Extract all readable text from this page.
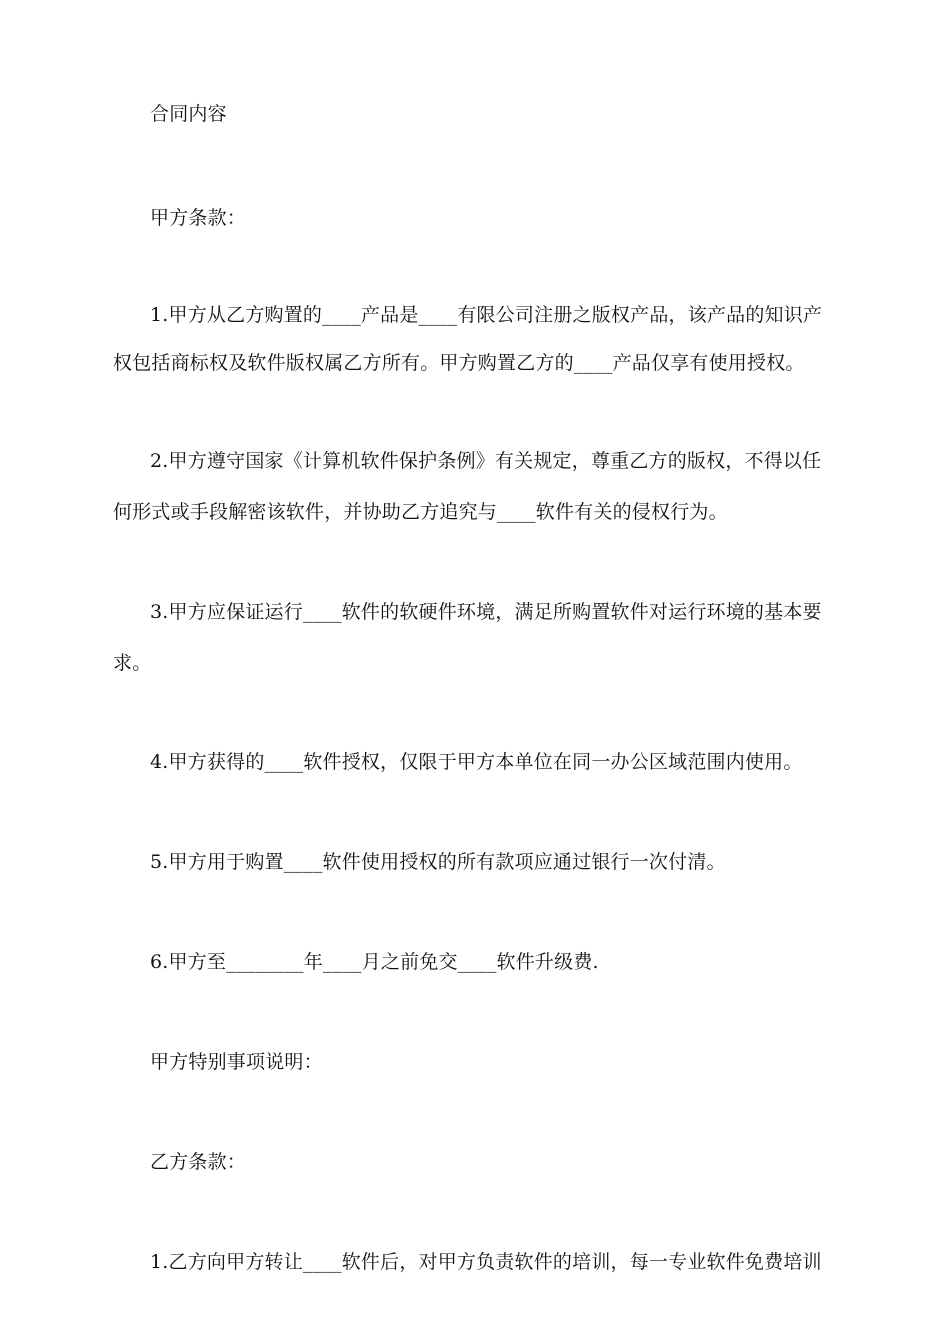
合同内容
甲方条款：
1.甲方从乙方购置的____产品是____有限公司注册之版权产品，该产品的知识产
权包括商标权及软件版权属乙方所有。甲方购置乙方的____产品仅享有使用授权。
2.甲方遵守国家《计算机软件保护条例》有关规定，尊重乙方的版权，不得以任
何形式或手段解密该软件，并协助乙方追究与____软件有关的侵权行为。
3.甲方应保证运行____软件的软硬件环境，满足所购置软件对运行环境的基本要
求。
4.甲方获得的____软件授权，仅限于甲方本单位在同一办公区域范围内使用。
5.甲方用于购置____软件使用授权的所有款项应通过银行一次付清。
6.甲方至________年____月之前免交____软件升级费.
甲方特别事项说明：
乙方条款：
1.乙方向甲方转让____软件后，对甲方负责软件的培训，每一专业软件免费培训
